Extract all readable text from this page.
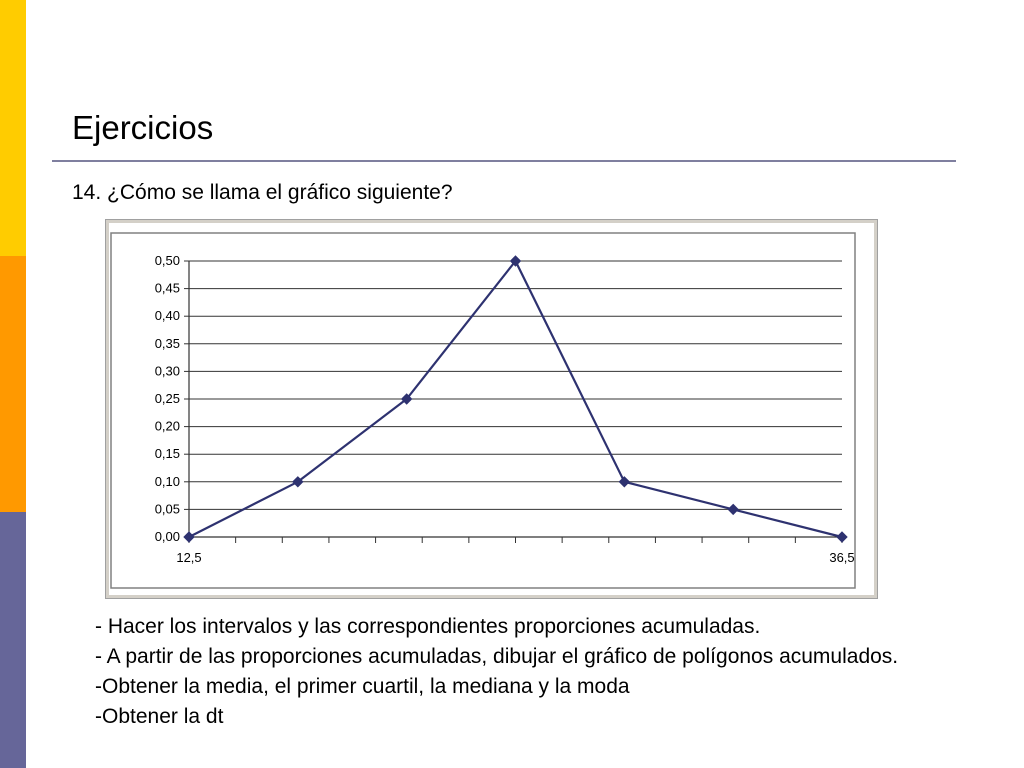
Ejercicios
14. ¿Cómo se llama el gráfico siguiente?
0,00
0,05
0,10
0,15
0,20
0,25
0,30
0,35
0,40
0,45
0,50
12,5	36,5
- Hacer los intervalos y las correspondientes proporciones acumuladas.
- A partir de las proporciones acumuladas, dibujar el gráfico de polígonos acumulados.
-Obtener la media, el primer cuartil, la mediana y la moda
-Obtener la dt
